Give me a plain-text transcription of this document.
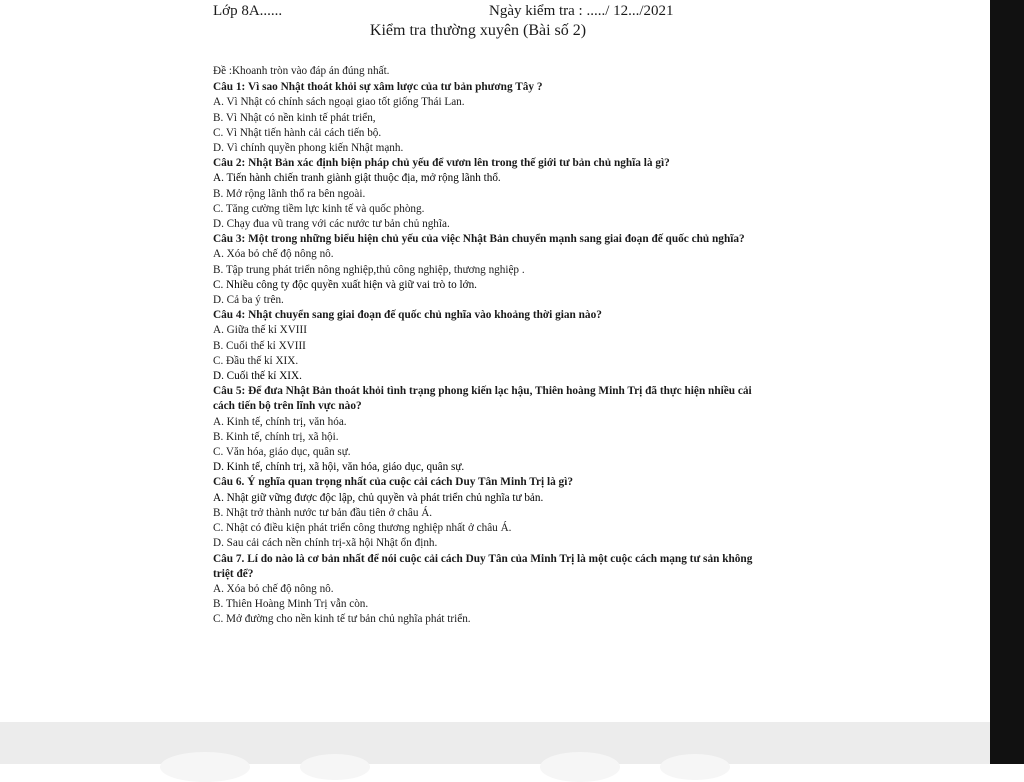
Lớp 8A......	Ngày kiểm tra : ...../ 12.../2021
Kiểm tra thường xuyên (Bài số 2)
Đề :Khoanh tròn vào đáp án đúng nhất.
Câu 1: Vì sao Nhật thoát khỏi sự xâm lược của tư bản phương Tây ?
A. Vì Nhật có chính sách ngoại giao tốt giống Thái Lan.
B. Vì Nhật có nền kinh tế phát triển,
C. Vì Nhật tiến hành cải cách tiến bộ.
D. Vì chính quyền phong kiến Nhật mạnh.
Câu 2: Nhật Bản xác định biện pháp chủ yếu để vươn lên trong thế giới tư bản chủ nghĩa là gì?
A. Tiến hành chiến tranh giành giật thuộc địa, mở rộng lãnh thổ.
B. Mở rộng lãnh thổ ra bên ngoài.
C. Tăng cường tiềm lực kinh tế và quốc phòng.
D. Chạy đua vũ trang với các nước tư bản chủ nghĩa.
Câu 3: Một trong những biểu hiện chủ yếu của việc Nhật Bản chuyển mạnh sang giai đoạn đế quốc chủ nghĩa?
A. Xóa bỏ chế độ nông nô.
B. Tập trung phát triển nông nghiệp,thủ công nghiệp, thương nghiệp .
C. Nhiều công ty độc quyền xuất hiện và giữ vai trò to lớn.
D. Cả ba ý trên.
Câu 4: Nhật chuyển sang giai đoạn đế quốc chủ nghĩa vào khoảng thời gian nào?
A. Giữa thế kỉ XVIII
B. Cuối thế kỉ XVIII
C. Đầu thế kỉ XIX.
D. Cuối thế kỉ XIX.
Câu 5: Để đưa Nhật Bản thoát khỏi tình trạng phong kiến lạc hậu, Thiên hoàng Minh Trị đã thực hiện nhiều cải cách tiến bộ trên lĩnh vực nào?
A. Kinh tế, chính trị, văn hóa.
B. Kinh tế, chính trị, xã hội.
C. Văn hóa, giáo dục, quân sự.
D. Kinh tế, chính trị, xã hội, văn hóa, giáo dục, quân sự.
Câu 6. Ý nghĩa quan trọng nhất của cuộc cải cách Duy Tân Minh Trị là gì?
A. Nhật giữ vững được độc lập, chủ quyền và phát triển chủ nghĩa tư bản.
B. Nhật trở thành nước tư bản đầu tiên ở châu Á.
C. Nhật có điều kiện phát triển công thương nghiệp nhất ở châu Á.
D. Sau cải cách nền chính trị-xã hội Nhật ổn định.
Câu 7. Lí do nào là cơ bản nhất để nói cuộc cải cách Duy Tân của Minh Trị là một cuộc cách mạng tư sản không triệt để?
A. Xóa bỏ chế độ nông nô.
B. Thiên Hoàng Minh Trị vẫn còn.
C. Mở đường cho nền kinh tế tư bản chủ nghĩa phát triển.
